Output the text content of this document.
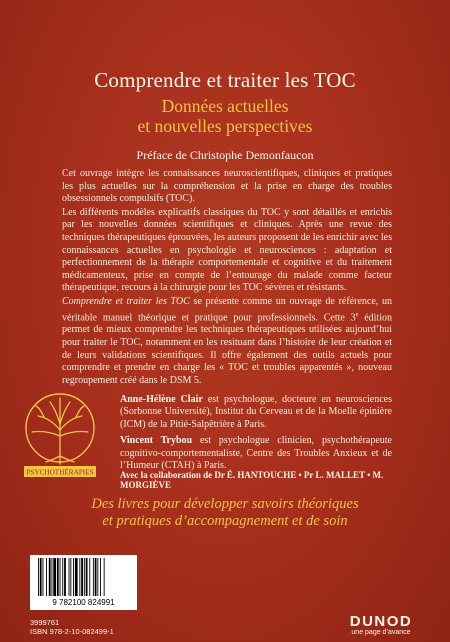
Comprendre et traiter les TOC
Données actuelles
et nouvelles perspectives
Préface de Christophe Demonfaucon

Cet ouvrage intègre les connaissances neuroscientifiques, cliniques et pratiques les plus actuelles sur la compréhension et la prise en charge des troubles obsessionnels compulsifs (TOC).

Les différents modèles explicatifs classiques du TOC y sont détaillés et enrichis par les nouvelles données scientifiques et cliniques. Après une revue des techniques thérapeutiques éprouvées, les auteurs proposent de les enrichir avec les connaissances actuelles en psychologie et neurosciences : adaptation et perfectionnement de la thérapie comportementale et cognitive et du traitement médicamenteux, prise en compte de l’entourage du malade comme facteur thérapeutique, recours à la chirurgie pour les TOC sévères et résistants.

Comprendre et traiter les TOC se présente comme un ouvrage de référence, un véritable manuel théorique et pratique pour professionnels. Cette 3e édition permet de mieux comprendre les techniques thérapeutiques utilisées aujourd’hui pour traiter le TOC, notamment en les resituant dans l’histoire de leur création et de leurs validations scientifiques. Il offre également des outils actuels pour comprendre et prendre en charge les « TOC et troubles apparentés », nouveau regroupement créé dans le DSM 5.

PSYCHOTHÉRAPIES

Anne-Hélène Clair est psychologue, docteure en neurosciences (Sorbonne Université), Institut du Cerveau et de la Moelle épinière (ICM) de la Pitié-Salpêtrière à Paris.

Vincent Trybou est psychologue clinicien, psychothérapeute cognitivo-comportementaliste, Centre des Troubles Anxieux et de l’Humeur (CTAH) à Paris.

Avec la collaboration de Dr É. HANTOUCHE • Pr L. MALLET • M. MORGIÈVE
Des livres pour développer savoirs théoriques
et pratiques d’accompagnement et de soin
9 782100 824991
3999761
ISBN 978-2-10-082499-1
DUNOD
une page d’avance
